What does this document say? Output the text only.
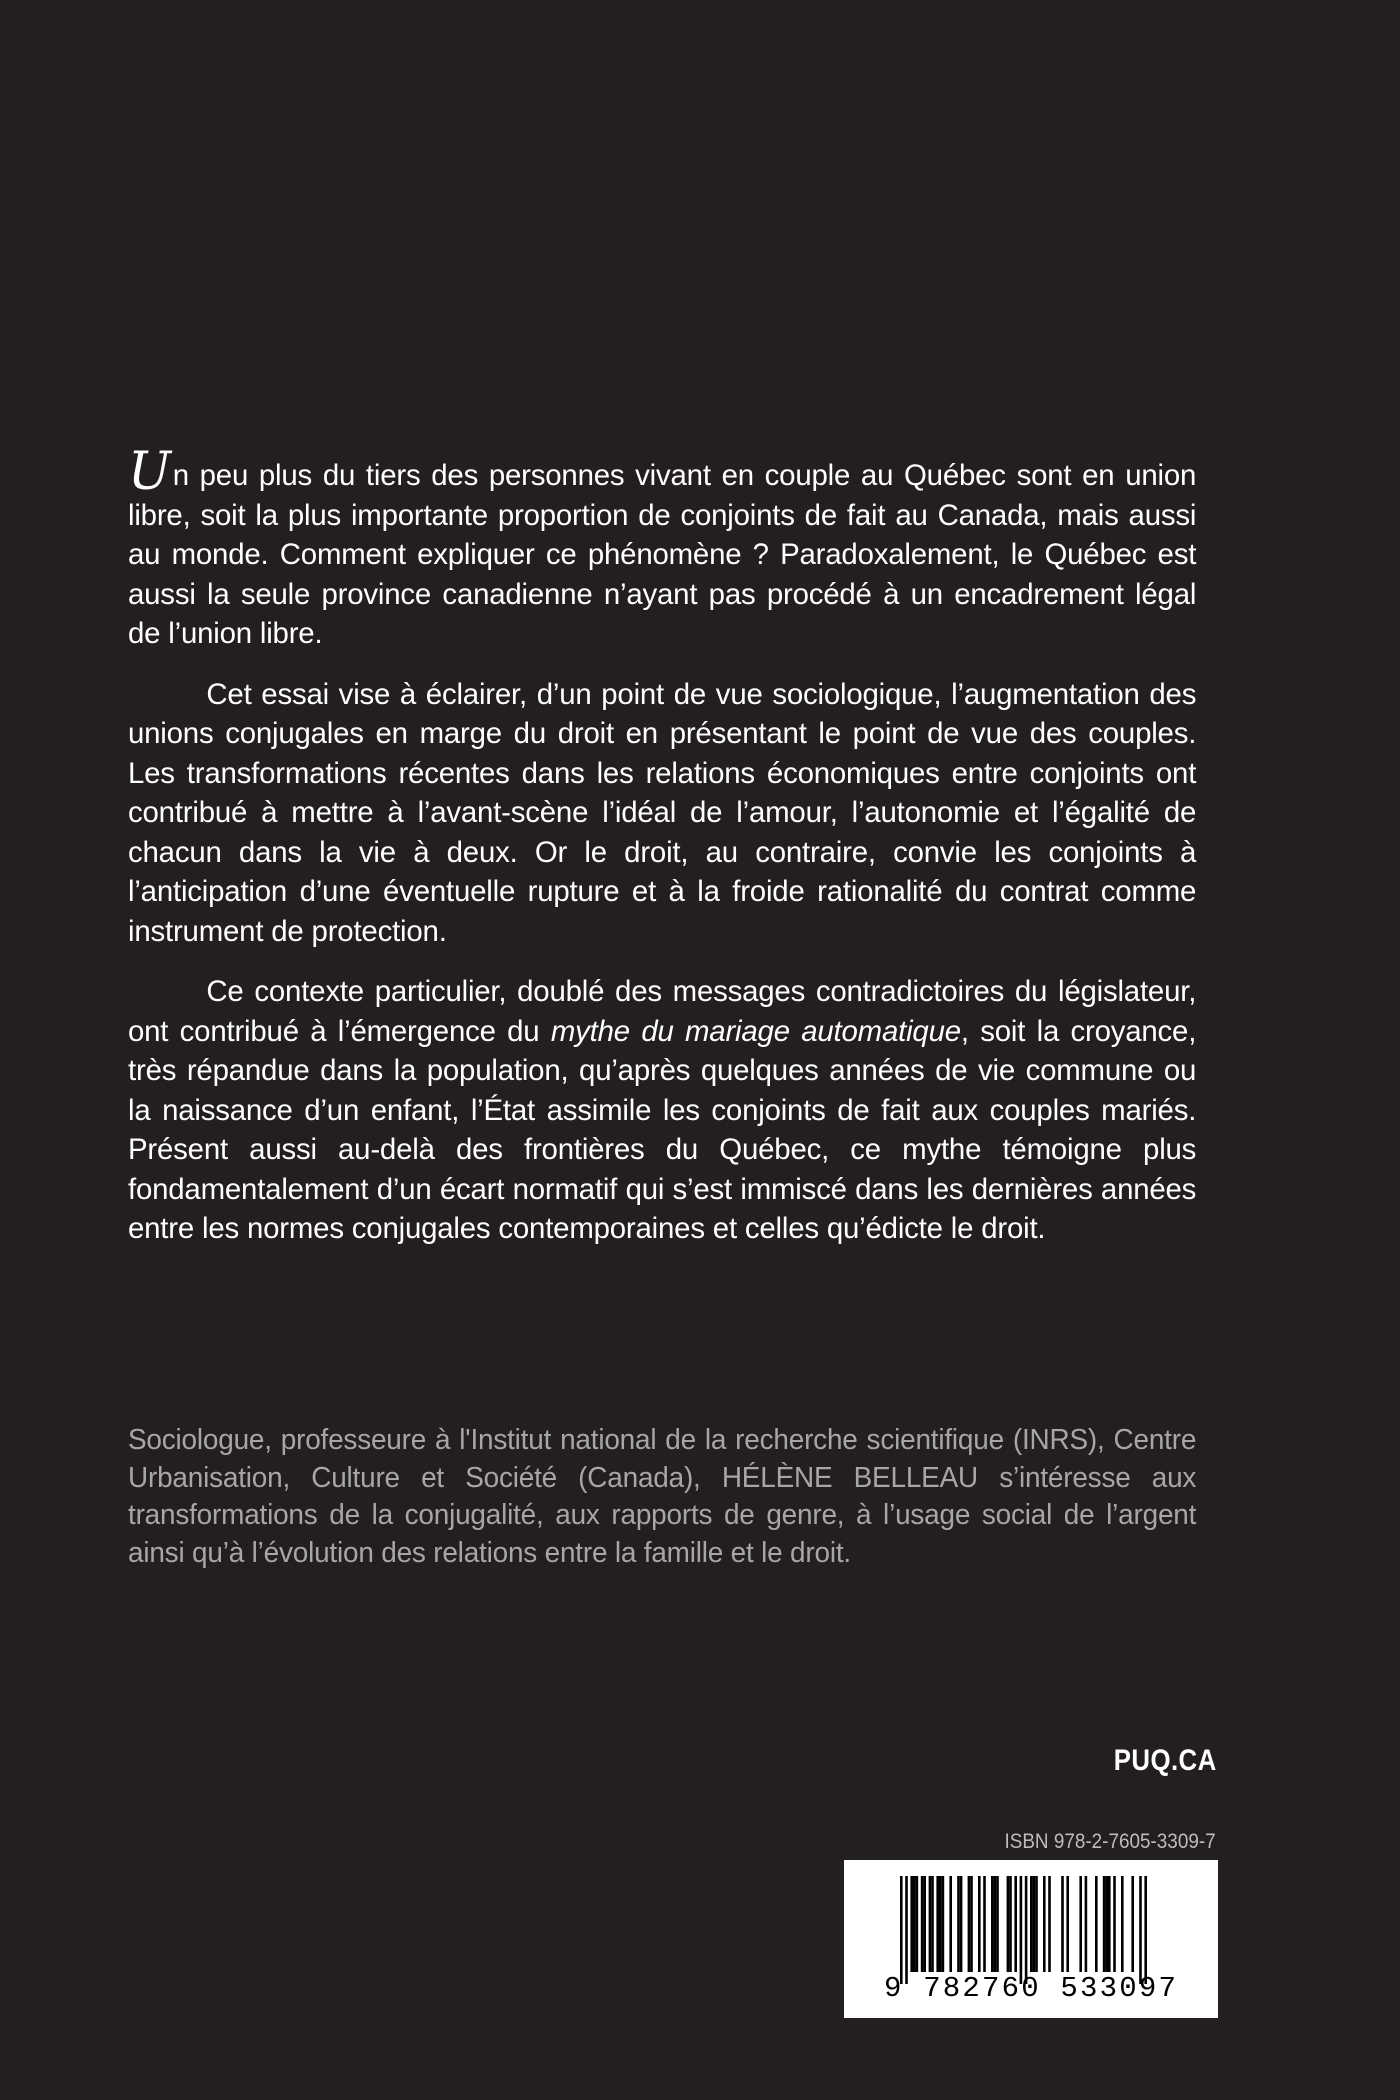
Un peu plus du tiers des personnes vivant en couple au Québec sont en union libre, soit la plus importante proportion de conjoints de fait au Canada, mais aussi au monde. Comment expliquer ce phénomène ? Paradoxalement, le Québec est aussi la seule province canadienne n’ayant pas procédé à un encadrement légal de l’union libre.

Cet essai vise à éclairer, d’un point de vue sociologique, l’augmentation des unions conjugales en marge du droit en présentant le point de vue des couples. Les transformations récentes dans les relations économiques entre conjoints ont contribué à mettre à l’avant-scène l’idéal de l’amour, l’autonomie et l’égalité de chacun dans la vie à deux. Or le droit, au contraire, convie les conjoints à l’anticipation d’une éventuelle rupture et à la froide rationalité du contrat comme instrument de protection.

Ce contexte particulier, doublé des messages contradictoires du législateur, ont contribué à l’émergence du mythe du mariage automatique, soit la croyance, très répandue dans la population, qu’après quelques années de vie commune ou la naissance d’un enfant, l’État assimile les conjoints de fait aux couples mariés. Présent aussi au-delà des frontières du Québec, ce mythe témoigne plus fondamentalement d’un écart normatif qui s’est immiscé dans les dernières années entre les normes conjugales contemporaines et celles qu’édicte le droit.

Sociologue, professeure à l'Institut national de la recherche scientifique (INRS), Centre Urbanisation, Culture et Société (Canada), HÉLÈNE BELLEAU s’intéresse aux transformations de la conjugalité, aux rapports de genre, à l’usage social de l’argent ainsi qu’à l’évolution des relations entre la famille et le droit.

PUQ.CA
ISBN 978-2-7605-3309-7
9 782760 533097
